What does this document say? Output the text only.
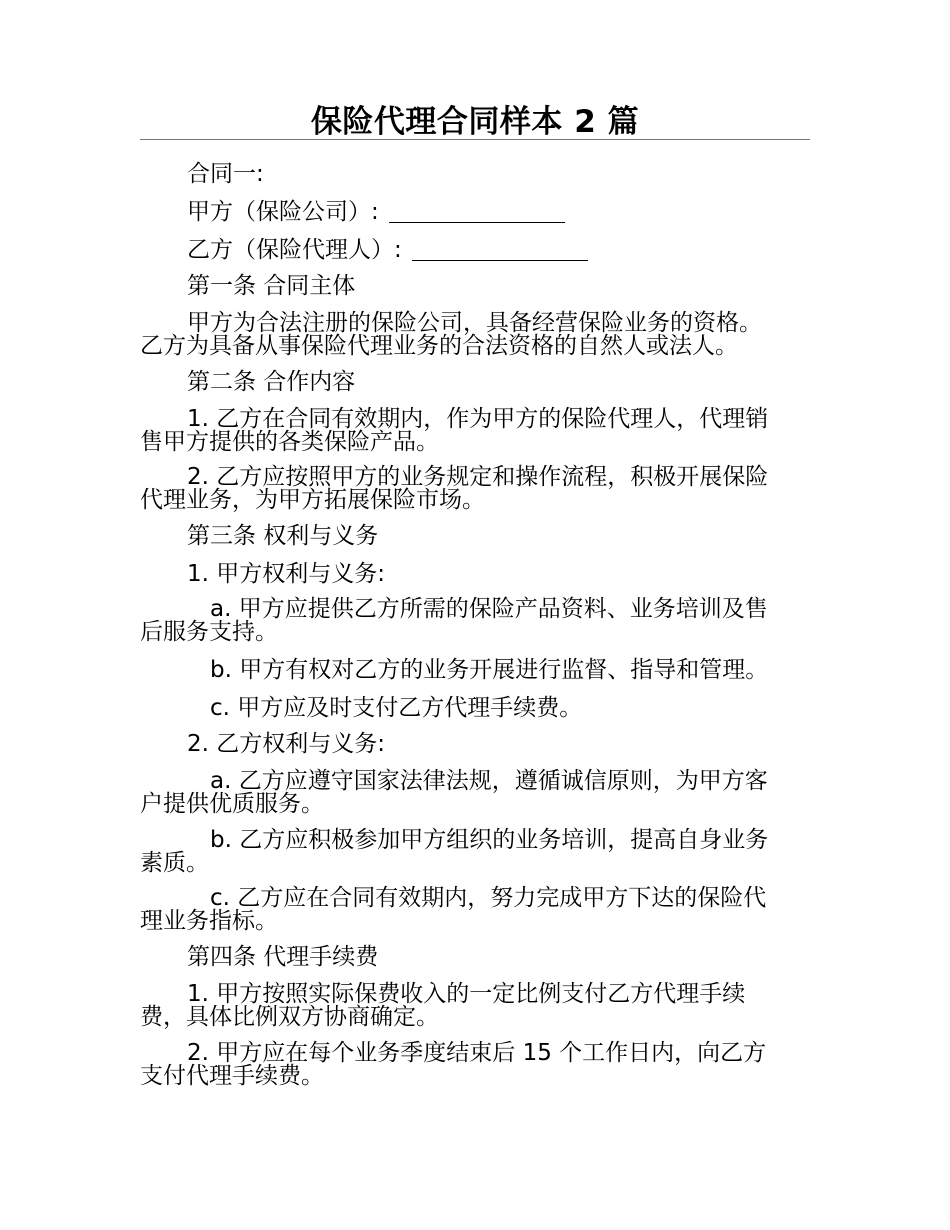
保险代理合同样本 2 篇
合同一:
甲方（保险公司）:
乙方（保险代理人）:
第一条 合同主体
甲方为合法注册的保险公司，具备经营保险业务的资格。
乙方为具备从事保险代理业务的合法资格的自然人或法人。
第二条 合作内容
1. 乙方在合同有效期内，作为甲方的保险代理人，代理销
售甲方提供的各类保险产品。
2. 乙方应按照甲方的业务规定和操作流程，积极开展保险
代理业务，为甲方拓展保险市场。
第三条 权利与义务
1. 甲方权利与义务:
a. 甲方应提供乙方所需的保险产品资料、业务培训及售
后服务支持。
b. 甲方有权对乙方的业务开展进行监督、指导和管理。
c. 甲方应及时支付乙方代理手续费。
2. 乙方权利与义务:
a. 乙方应遵守国家法律法规，遵循诚信原则，为甲方客
户提供优质服务。
b. 乙方应积极参加甲方组织的业务培训，提高自身业务
素质。
c. 乙方应在合同有效期内，努力完成甲方下达的保险代
理业务指标。
第四条 代理手续费
1. 甲方按照实际保费收入的一定比例支付乙方代理手续
费，具体比例双方协商确定。
2. 甲方应在每个业务季度结束后 15 个工作日内，向乙方
支付代理手续费。
